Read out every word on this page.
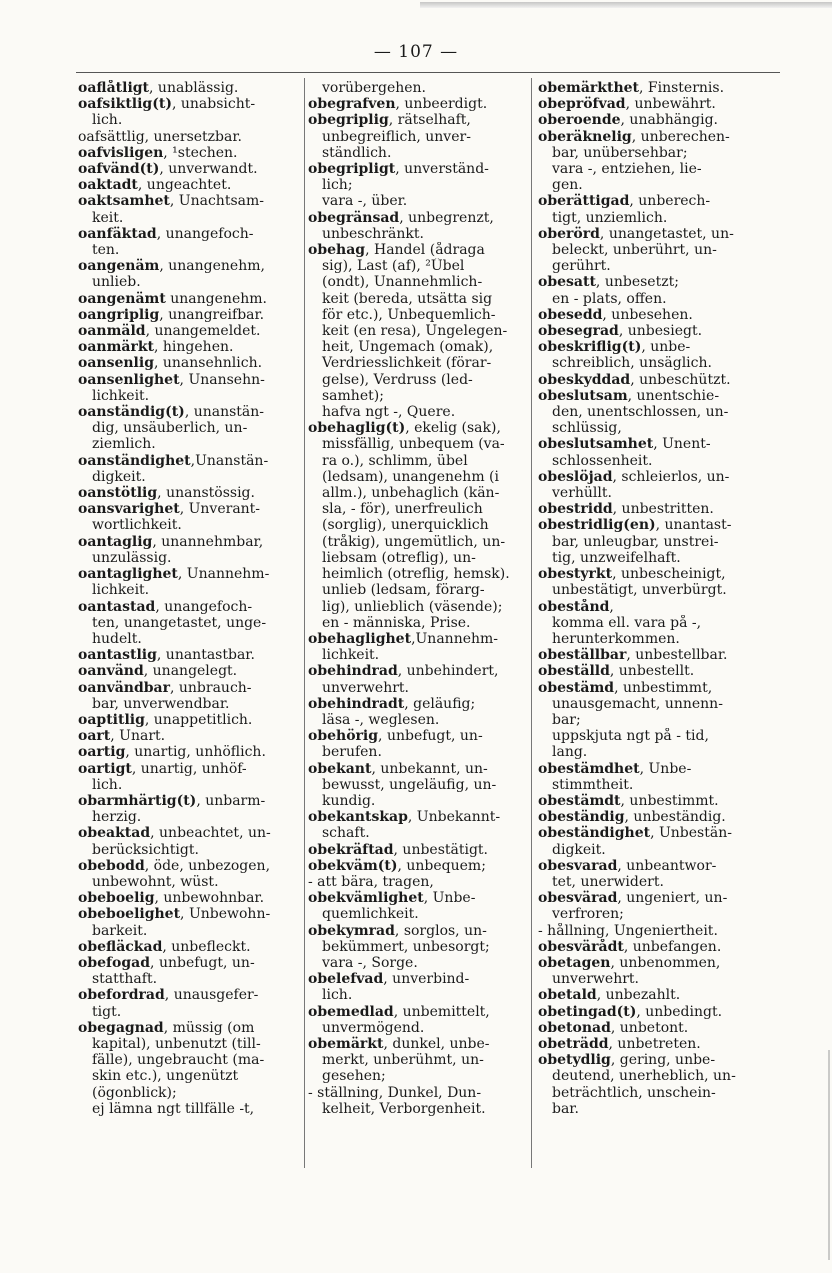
— 107 —
oaflåtligt, unablässig.
oafsiktlig(t), unabsicht-
lich.
oafsättlig, unersetzbar.
oafvisligen, ¹stechen.
oafvänd(t), unverwandt.
oaktadt, ungeachtet.
oaktsamhet, Unachtsam-
keit.
oanfäktad, unangefoch-
ten.
oangenäm, unangenehm,
unlieb.
oangenämt unangenehm.
oangriplig, unangreifbar.
oanmäld, unangemeldet.
oanmärkt, hingehen.
oansenlig, unansehnlich.
oansenlighet, Unansehn-
lichkeit.
oanständig(t), unanstän-
dig, unsäuberlich, un-
ziemlich.
oanständighet,Unanstän-
digkeit.
oanstötlig, unanstössig.
oansvarighet, Unverant-
wortlichkeit.
oantaglig, unannehmbar,
unzulässig.
oantaglighet, Unannehm-
lichkeit.
oantastad, unangefoch-
ten, unangetastet, unge-
hudelt.
oantastlig, unantastbar.
oanvänd, unangelegt.
oanvändbar, unbrauch-
bar, unverwendbar.
oaptitlig, unappetitlich.
oart, Unart.
oartig, unartig, unhöflich.
oartigt, unartig, unhöf-
lich.
obarmhärtig(t), unbarm-
herzig.
obeaktad, unbeachtet, un-
berücksichtigt.
obebodd, öde, unbezogen,
unbewohnt, wüst.
obeboelig, unbewohnbar.
obeboelighet, Unbewohn-
barkeit.
obefläckad, unbefleckt.
obefogad, unbefugt, un-
statthaft.
obefordrad, unausgefer-
tigt.
obegagnad, müssig (om
kapital), unbenutzt (till-
fälle), ungebraucht (ma-
skin etc.), ungenützt
(ögonblick);
ej lämna ngt tillfälle -t,
vorübergehen.
obegrafven, unbeerdigt.
obegriplig, rätselhaft,
unbegreiflich, unver-
ständlich.
obegripligt, unverständ-
lich;
vara -, über.
obegränsad, unbegrenzt,
unbeschränkt.
obehag, Handel (ådraga
sig), Last (af), ²Übel
(ondt), Unannehmlich-
keit (bereda, utsätta sig
för etc.), Unbequemlich-
keit (en resa), Ungelegen-
heit, Ungemach (omak),
Verdriesslichkeit (förar-
gelse), Verdruss (led-
samhet);
hafva ngt -, Quere.
obehaglig(t), ekelig (sak),
missfällig, unbequem (va-
ra o.), schlimm, übel
(ledsam), unangenehm (i
allm.), unbehaglich (kän-
sla, - för), unerfreulich
(sorglig), unerquicklich
(tråkig), ungemütlich, un-
liebsam (otreflig), un-
heimlich (otreflig, hemsk).
unlieb (ledsam, förarg-
lig), unlieblich (väsende);
en - människa, Prise.
obehaglighet,Unannehm-
lichkeit.
obehindrad, unbehindert,
unverwehrt.
obehindradt, geläufig;
läsa -, weglesen.
obehörig, unbefugt, un-
berufen.
obekant, unbekannt, un-
bewusst, ungeläufig, un-
kundig.
obekantskap, Unbekannt-
schaft.
obekräftad, unbestätigt.
obekväm(t), unbequem;
- att bära, tragen,
obekvämlighet, Unbe-
quemlichkeit.
obekymrad, sorglos, un-
bekümmert, unbesorgt;
vara -, Sorge.
obelefvad, unverbind-
lich.
obemedlad, unbemittelt,
unvermögend.
obemärkt, dunkel, unbe-
merkt, unberühmt, un-
gesehen;
- ställning, Dunkel, Dun-
kelheit, Verborgenheit.
obemärkthet, Finsternis.
obepröfvad, unbewährt.
oberoende, unabhängig.
oberäknelig, unberechen-
bar, unübersehbar;
vara -, entziehen, lie-
gen.
oberättigad, unberech-
tigt, unziemlich.
oberörd, unangetastet, un-
beleckt, unberührt, un-
gerührt.
obesatt, unbesetzt;
en - plats, offen.
obesedd, unbesehen.
obesegrad, unbesiegt.
obeskriflig(t), unbe-
schreiblich, unsäglich.
obeskyddad, unbeschützt.
obeslutsam, unentschie-
den, unentschlossen, un-
schlüssig,
obeslutsamhet, Unent-
schlossenheit.
obeslöjad, schleierlos, un-
verhüllt.
obestridd, unbestritten.
obestridlig(en), unantast-
bar, unleugbar, unstrei-
tig, unzweifelhaft.
obestyrkt, unbescheinigt,
unbestätigt, unverbürgt.
obestånd,
komma ell. vara på -,
herunterkommen.
obeställbar, unbestellbar.
obeställd, unbestellt.
obestämd, unbestimmt,
unausgemacht, unnenn-
bar;
uppskjuta ngt på - tid,
lang.
obestämdhet, Unbe-
stimmtheit.
obestämdt, unbestimmt.
obeständig, unbeständig.
obeständighet, Unbestän-
digkeit.
obesvarad, unbeantwor-
tet, unerwidert.
obesvärad, ungeniert, un-
verfroren;
- hållning, Ungeniertheit.
obesvärådt, unbefangen.
obetagen, unbenommen,
unverwehrt.
obetald, unbezahlt.
obetingad(t), unbedingt.
obetonad, unbetont.
obeträdd, unbetreten.
obetydlig, gering, unbe-
deutend, unerheblich, un-
beträchtlich, unschein-
bar.
